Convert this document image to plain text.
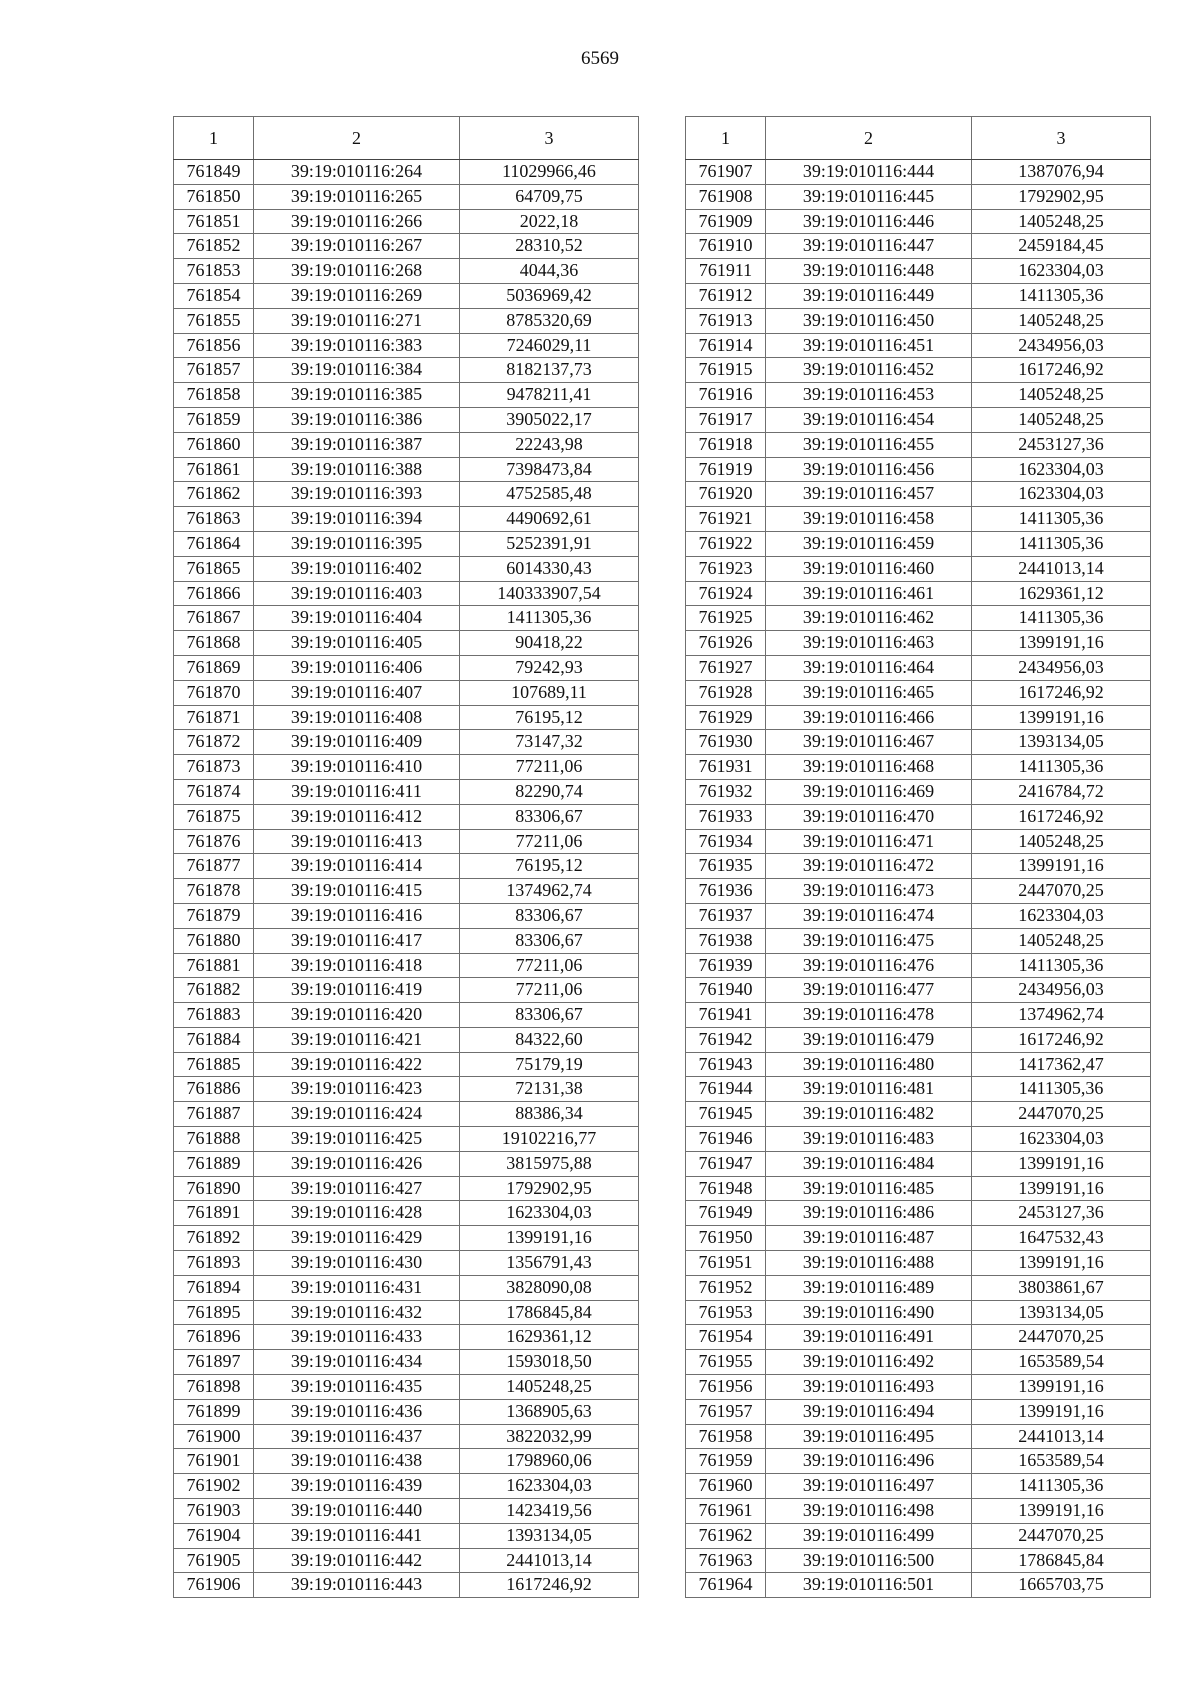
6569
1	2	3
761849	39:19:010116:264	11029966,46
761850	39:19:010116:265	64709,75
761851	39:19:010116:266	2022,18
761852	39:19:010116:267	28310,52
761853	39:19:010116:268	4044,36
761854	39:19:010116:269	5036969,42
761855	39:19:010116:271	8785320,69
761856	39:19:010116:383	7246029,11
761857	39:19:010116:384	8182137,73
761858	39:19:010116:385	9478211,41
761859	39:19:010116:386	3905022,17
761860	39:19:010116:387	22243,98
761861	39:19:010116:388	7398473,84
761862	39:19:010116:393	4752585,48
761863	39:19:010116:394	4490692,61
761864	39:19:010116:395	5252391,91
761865	39:19:010116:402	6014330,43
761866	39:19:010116:403	140333907,54
761867	39:19:010116:404	1411305,36
761868	39:19:010116:405	90418,22
761869	39:19:010116:406	79242,93
761870	39:19:010116:407	107689,11
761871	39:19:010116:408	76195,12
761872	39:19:010116:409	73147,32
761873	39:19:010116:410	77211,06
761874	39:19:010116:411	82290,74
761875	39:19:010116:412	83306,67
761876	39:19:010116:413	77211,06
761877	39:19:010116:414	76195,12
761878	39:19:010116:415	1374962,74
761879	39:19:010116:416	83306,67
761880	39:19:010116:417	83306,67
761881	39:19:010116:418	77211,06
761882	39:19:010116:419	77211,06
761883	39:19:010116:420	83306,67
761884	39:19:010116:421	84322,60
761885	39:19:010116:422	75179,19
761886	39:19:010116:423	72131,38
761887	39:19:010116:424	88386,34
761888	39:19:010116:425	19102216,77
761889	39:19:010116:426	3815975,88
761890	39:19:010116:427	1792902,95
761891	39:19:010116:428	1623304,03
761892	39:19:010116:429	1399191,16
761893	39:19:010116:430	1356791,43
761894	39:19:010116:431	3828090,08
761895	39:19:010116:432	1786845,84
761896	39:19:010116:433	1629361,12
761897	39:19:010116:434	1593018,50
761898	39:19:010116:435	1405248,25
761899	39:19:010116:436	1368905,63
761900	39:19:010116:437	3822032,99
761901	39:19:010116:438	1798960,06
761902	39:19:010116:439	1623304,03
761903	39:19:010116:440	1423419,56
761904	39:19:010116:441	1393134,05
761905	39:19:010116:442	2441013,14
761906	39:19:010116:443	1617246,92
1	2	3
761907	39:19:010116:444	1387076,94
761908	39:19:010116:445	1792902,95
761909	39:19:010116:446	1405248,25
761910	39:19:010116:447	2459184,45
761911	39:19:010116:448	1623304,03
761912	39:19:010116:449	1411305,36
761913	39:19:010116:450	1405248,25
761914	39:19:010116:451	2434956,03
761915	39:19:010116:452	1617246,92
761916	39:19:010116:453	1405248,25
761917	39:19:010116:454	1405248,25
761918	39:19:010116:455	2453127,36
761919	39:19:010116:456	1623304,03
761920	39:19:010116:457	1623304,03
761921	39:19:010116:458	1411305,36
761922	39:19:010116:459	1411305,36
761923	39:19:010116:460	2441013,14
761924	39:19:010116:461	1629361,12
761925	39:19:010116:462	1411305,36
761926	39:19:010116:463	1399191,16
761927	39:19:010116:464	2434956,03
761928	39:19:010116:465	1617246,92
761929	39:19:010116:466	1399191,16
761930	39:19:010116:467	1393134,05
761931	39:19:010116:468	1411305,36
761932	39:19:010116:469	2416784,72
761933	39:19:010116:470	1617246,92
761934	39:19:010116:471	1405248,25
761935	39:19:010116:472	1399191,16
761936	39:19:010116:473	2447070,25
761937	39:19:010116:474	1623304,03
761938	39:19:010116:475	1405248,25
761939	39:19:010116:476	1411305,36
761940	39:19:010116:477	2434956,03
761941	39:19:010116:478	1374962,74
761942	39:19:010116:479	1617246,92
761943	39:19:010116:480	1417362,47
761944	39:19:010116:481	1411305,36
761945	39:19:010116:482	2447070,25
761946	39:19:010116:483	1623304,03
761947	39:19:010116:484	1399191,16
761948	39:19:010116:485	1399191,16
761949	39:19:010116:486	2453127,36
761950	39:19:010116:487	1647532,43
761951	39:19:010116:488	1399191,16
761952	39:19:010116:489	3803861,67
761953	39:19:010116:490	1393134,05
761954	39:19:010116:491	2447070,25
761955	39:19:010116:492	1653589,54
761956	39:19:010116:493	1399191,16
761957	39:19:010116:494	1399191,16
761958	39:19:010116:495	2441013,14
761959	39:19:010116:496	1653589,54
761960	39:19:010116:497	1411305,36
761961	39:19:010116:498	1399191,16
761962	39:19:010116:499	2447070,25
761963	39:19:010116:500	1786845,84
761964	39:19:010116:501	1665703,75
